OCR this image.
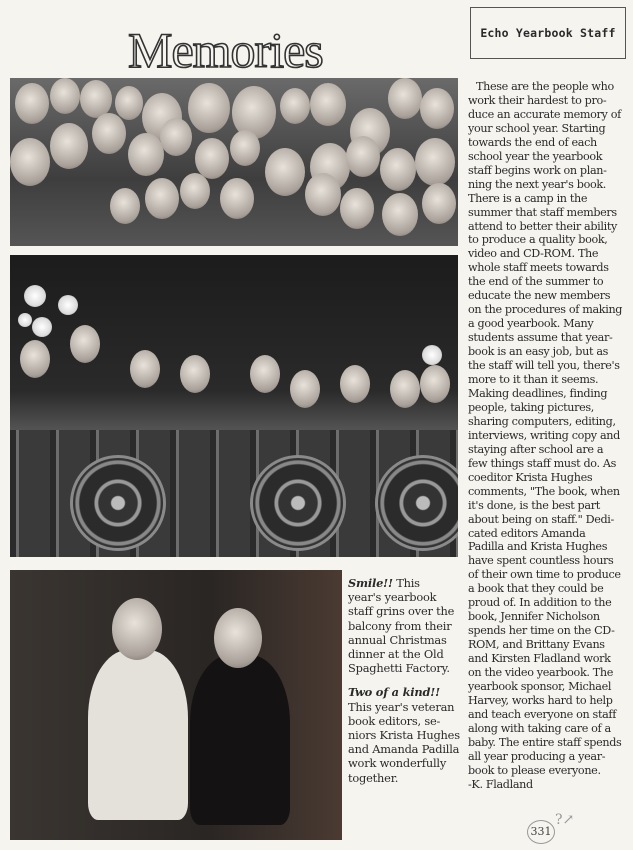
Memories	Echo Yearbook Staff
These are the people who
work their hardest to pro-
duce an accurate memory of
your school year. Starting
towards the end of each
school year the yearbook
staff begins work on plan-
ning the next year's book.
There is a camp in the
summer that staff members
attend to better their ability
to produce a quality book,
video and CD-ROM. The
whole staff meets towards
the end of the summer to
educate the new members
on the procedures of making
a good yearbook. Many
students assume that year-
book is an easy job, but as
the staff will tell you, there's
more to it than it seems.
Making deadlines, finding
people, taking pictures,
sharing computers, editing,
interviews, writing copy and
staying after school are a
few things staff must do. As
coeditor Krista Hughes
comments, "The book, when
it's done, is the best part
about being on staff." Dedi-
cated editors Amanda
Padilla and Krista Hughes
have spent countless hours
of their own time to produce
a book that they could be
proud of. In addition to the
book, Jennifer Nicholson
spends her time on the CD-
ROM, and Brittany Evans
and Kirsten Fladland work
on the video yearbook. The
yearbook sponsor, Michael
Harvey, works hard to help
and teach everyone on staff
along with taking care of a
baby. The entire staff spends
all year producing a year-
book to please everyone.
-K. Fladland
Smile!! This
year's yearbook
staff grins over the
balcony from their
annual Christmas
dinner at the Old
Spaghetti Factory.
Two of a kind!!
This year's veteran
book editors, se-
niors Krista Hughes
and Amanda Padilla
work wonderfully
together.
331
?↗
